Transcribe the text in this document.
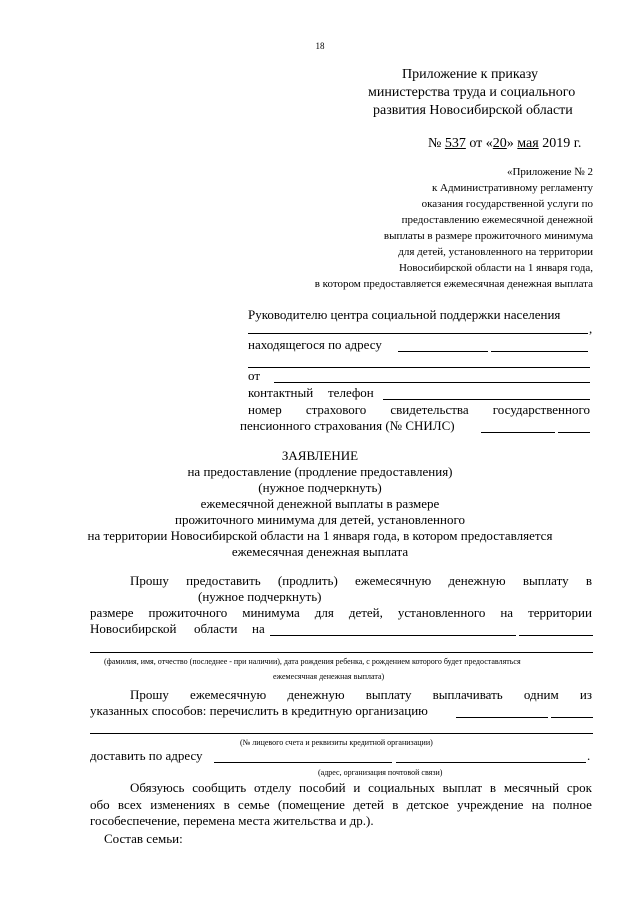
18
Приложение к приказу
министерства труда и социального
развития Новосибирской области
№ 537 от «20» мая 2019 г.
«Приложение № 2
к Административному регламенту
оказания государственной услуги по
предоставлению ежемесячной денежной
выплаты в размере прожиточного минимума
для детей, установленного на территории
Новосибирской области на 1 января года,
в котором предоставляется ежемесячная денежная выплата
Руководителю центра социальной поддержки населения
,
находящегося по адресу
от
контактный телефон
номер страхового свидетельства государственного
пенсионного страхования (№ СНИЛС)
ЗАЯВЛЕНИЕ
на предоставление (продление предоставления)
(нужное подчеркнуть)
ежемесячной денежной выплаты в размере
прожиточного минимума для детей, установленного
на территории Новосибирской области на 1 января года, в котором предоставляется
ежемесячная денежная выплата
Прошу предоставить (продлить) ежемесячную денежную выплату в
(нужное подчеркнуть)
размере прожиточного минимума для детей, установленного на территории
Новосибирской области на
(фамилия, имя, отчество (последнее - при наличии), дата рождения ребенка, с рождением которого будет предоставляться
ежемесячная денежная выплата)
Прошу ежемесячную денежную выплату выплачивать одним из
указанных способов: перечислить в кредитную организацию
(№ лицевого счета и реквизиты кредитной организации)
доставить по адресу	.
(адрес, организация почтовой связи)
Обязуюсь сообщить отделу пособий и социальных выплат в месячный срок
обо всех изменениях в семье (помещение детей в детское учреждение на полное
гособеспечение, перемена места жительства и др.).
Состав семьи:
